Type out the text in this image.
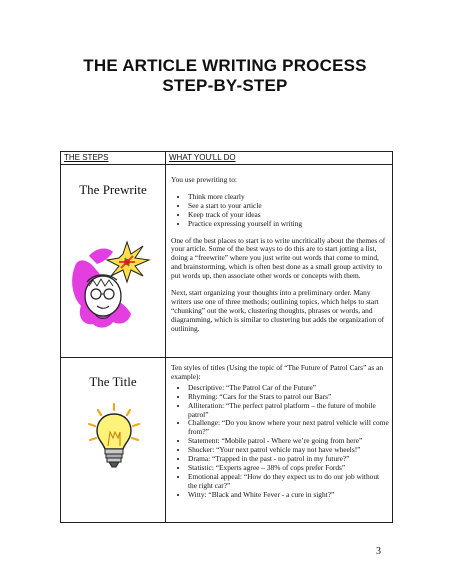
THE ARTICLE WRITING PROCESS
STEP-BY-STEP
THE STEPS	WHAT YOU'LL DO
The Prewrite

You use prewriting to:

• Think more clearly
• See a start to your article
• Keep track of your ideas
• Practice expressing yourself in writing

One of the best places to start is to write uncritically about the themes of your article. Some of the best ways to do this are to start jotting a list, doing a “freewrite” where you just write out words that come to mind, and brainstorming, which is often best done as a small group activity to put words up, then associate other words or concepts with them.

Next, start organizing your thoughts into a preliminary order. Many writers use one of three methods; outlining topics, which helps to start “chunking” out the work, clustering thoughts, phrases or words, and diagramming, which is similar to clustering but adds the organization of outlining.

The Title

Ten styles of titles (Using the topic of “The Future of Patrol Cars” as an example):

• Descriptive: “The Patrol Car of the Future”
• Rhyming: “Cars for the Stars to patrol our Bars”
• Alliteration: “The perfect patrol platform – the future of mobile patrol”
• Challenge: “Do you know where your next patrol vehicle will come from?”
• Statement: “Mobile patrol - Where we’re going from here”
• Shocker: “Your next patrol vehicle may not have wheels!”
• Drama: “Trapped in the past - no patrol in my future?”
• Statistic: “Experts agree – 38% of cops prefer Fords”
• Emotional appeal: “How do they expect us to do our job without the right car?”
• Witty: “Black and White Fever - a cure in sight?”
3
